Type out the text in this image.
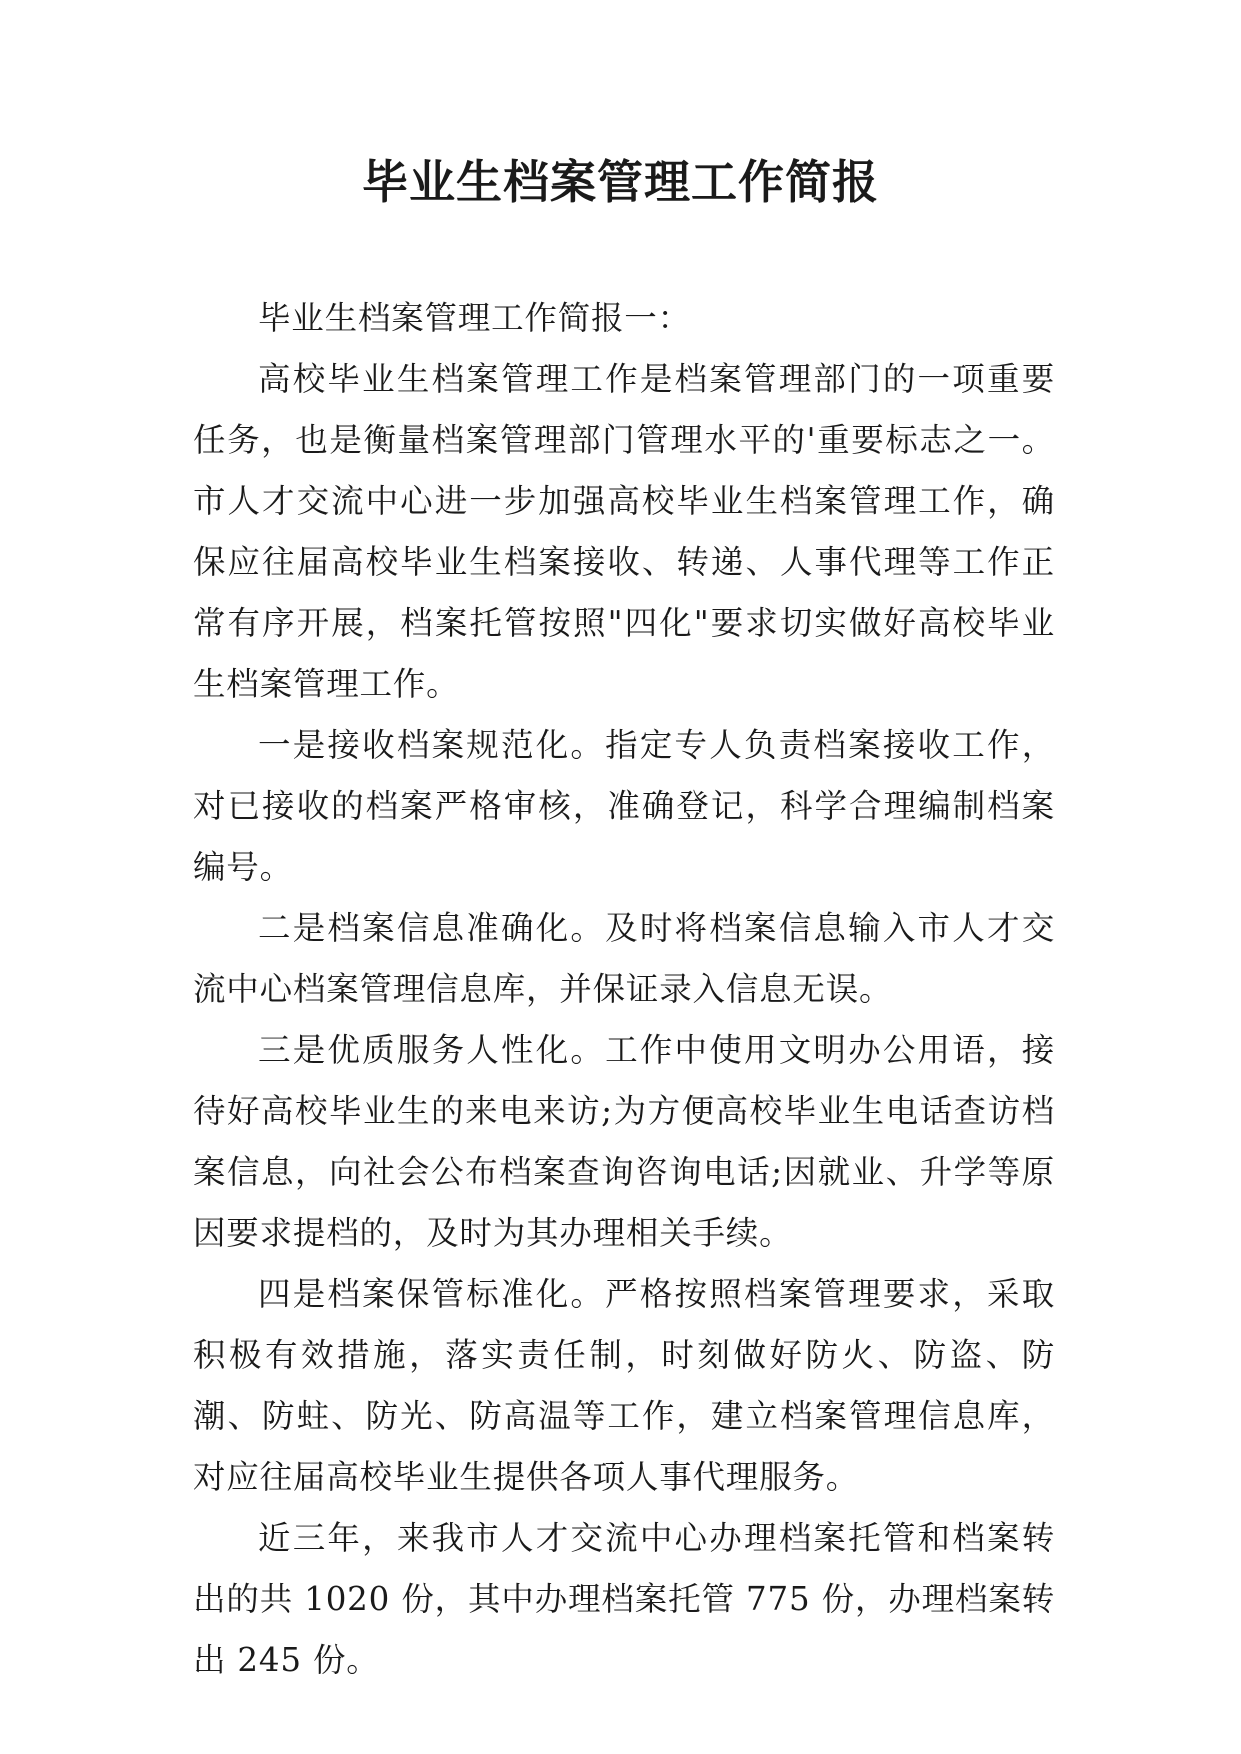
毕业生档案管理工作简报

毕业生档案管理工作简报一：

高校毕业生档案管理工作是档案管理部门的一项重要任务，也是衡量档案管理部门管理水平的'重要标志之一。市人才交流中心进一步加强高校毕业生档案管理工作，确保应往届高校毕业生档案接收、转递、人事代理等工作正常有序开展，档案托管按照"四化"要求切实做好高校毕业生档案管理工作。

一是接收档案规范化。指定专人负责档案接收工作，对已接收的档案严格审核，准确登记，科学合理编制档案编号。

二是档案信息准确化。及时将档案信息输入市人才交流中心档案管理信息库，并保证录入信息无误。

三是优质服务人性化。工作中使用文明办公用语，接待好高校毕业生的来电来访;为方便高校毕业生电话查访档案信息，向社会公布档案查询咨询电话;因就业、升学等原因要求提档的，及时为其办理相关手续。

四是档案保管标准化。严格按照档案管理要求，采取积极有效措施，落实责任制，时刻做好防火、防盗、防潮、防蛀、防光、防高温等工作，建立档案管理信息库，对应往届高校毕业生提供各项人事代理服务。

近三年，来我市人才交流中心办理档案托管和档案转出的共 1020 份，其中办理档案托管 775 份，办理档案转出 245 份。
